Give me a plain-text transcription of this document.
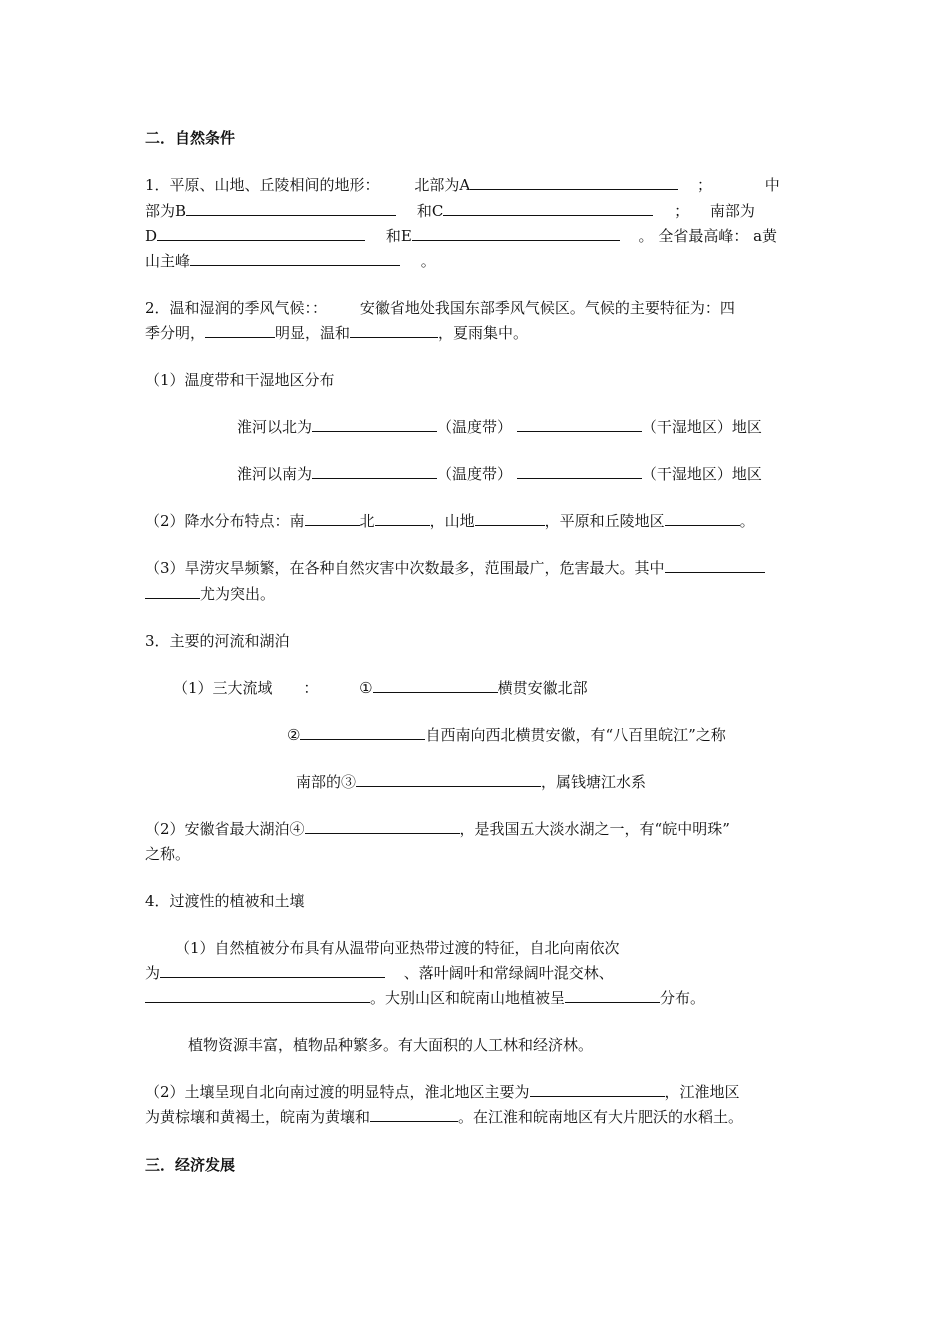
二．自然条件
1．平原、山地、丘陵相间的地形： 北部为A	；	中
部为B	和C	； 南部为
D	和E	。 全省最高峰： a黄
山主峰	。
2．温和湿润的季风气候：： 安徽省地处我国东部季风气候区。气候的主要特征为：四
季分明，	明显，温和	，夏雨集中。
（1）温度带和干湿地区分布
淮河以北为	（温度带）	（干湿地区）地区
淮河以南为	（温度带）	（干湿地区）地区
（2）降水分布特点：南	北	，山地	，平原和丘陵地区	。
（3）旱涝灾旱频繁，在各种自然灾害中次数最多，范围最广，危害最大。其中
尤为突出。
3．主要的河流和湖泊
（1）三大流域 ：	①	横贯安徽北部
②	自西南向西北横贯安徽，有“八百里皖江”之称
南部的③	，属钱塘江水系
（2）安徽省最大湖泊④	，是我国五大淡水湖之一，有“皖中明珠”
之称。
4．过渡性的植被和土壤
（1）自然植被分布具有从温带向亚热带过渡的特征，自北向南依次
为	、落叶阔叶和常绿阔叶混交林、
。大别山区和皖南山地植被呈	分布。
植物资源丰富，植物品种繁多。有大面积的人工林和经济林。
（2）土壤呈现自北向南过渡的明显特点，淮北地区主要为	，江淮地区
为黄棕壤和黄褐土，皖南为黄壤和	。在江淮和皖南地区有大片肥沃的水稻土。
三．经济发展
